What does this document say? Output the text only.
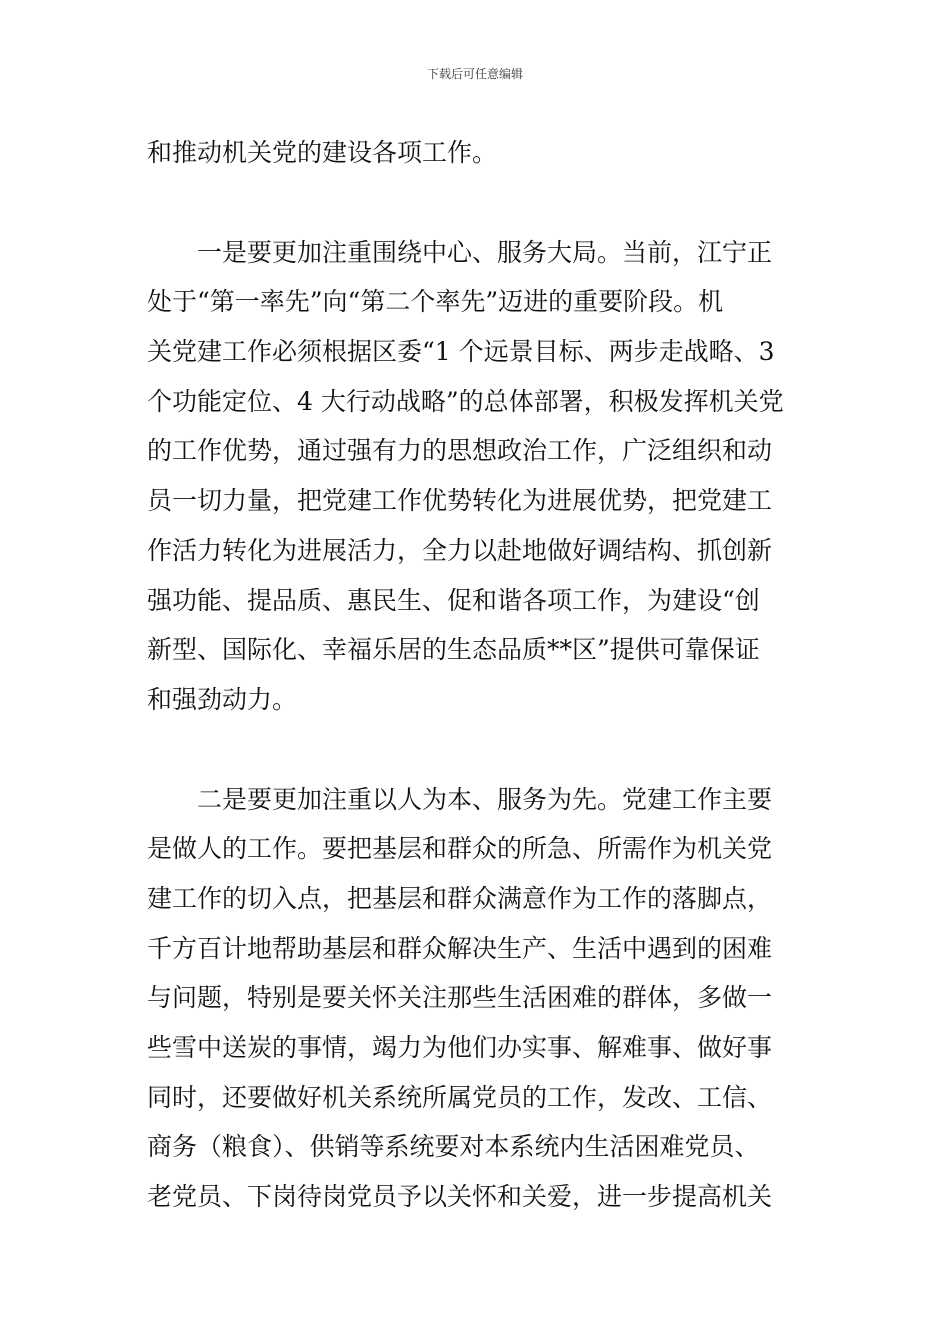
下载后可任意编辑
和推动机关党的建设各项工作。
一是要更加注重围绕中心、服务大局。当前，江宁正
处于“第一率先”向“第二个率先”迈进的重要阶段。机
关党建工作必须根据区委“1 个远景目标、两步走战略、3
个功能定位、4 大行动战略”的总体部署，积极发挥机关党
的工作优势，通过强有力的思想政治工作，广泛组织和动
员一切力量，把党建工作优势转化为进展优势，把党建工
作活力转化为进展活力，全力以赴地做好调结构、抓创新
强功能、提品质、惠民生、促和谐各项工作，为建设“创
新型、国际化、幸福乐居的生态品质**区”提供可靠保证
和强劲动力。
二是要更加注重以人为本、服务为先。党建工作主要
是做人的工作。要把基层和群众的所急、所需作为机关党
建工作的切入点，把基层和群众满意作为工作的落脚点，
千方百计地帮助基层和群众解决生产、生活中遇到的困难
与问题，特别是要关怀关注那些生活困难的群体，多做一
些雪中送炭的事情，竭力为他们办实事、解难事、做好事
同时，还要做好机关系统所属党员的工作，发改、工信、
商务（粮食）、供销等系统要对本系统内生活困难党员、
老党员、下岗待岗党员予以关怀和关爱，进一步提高机关
